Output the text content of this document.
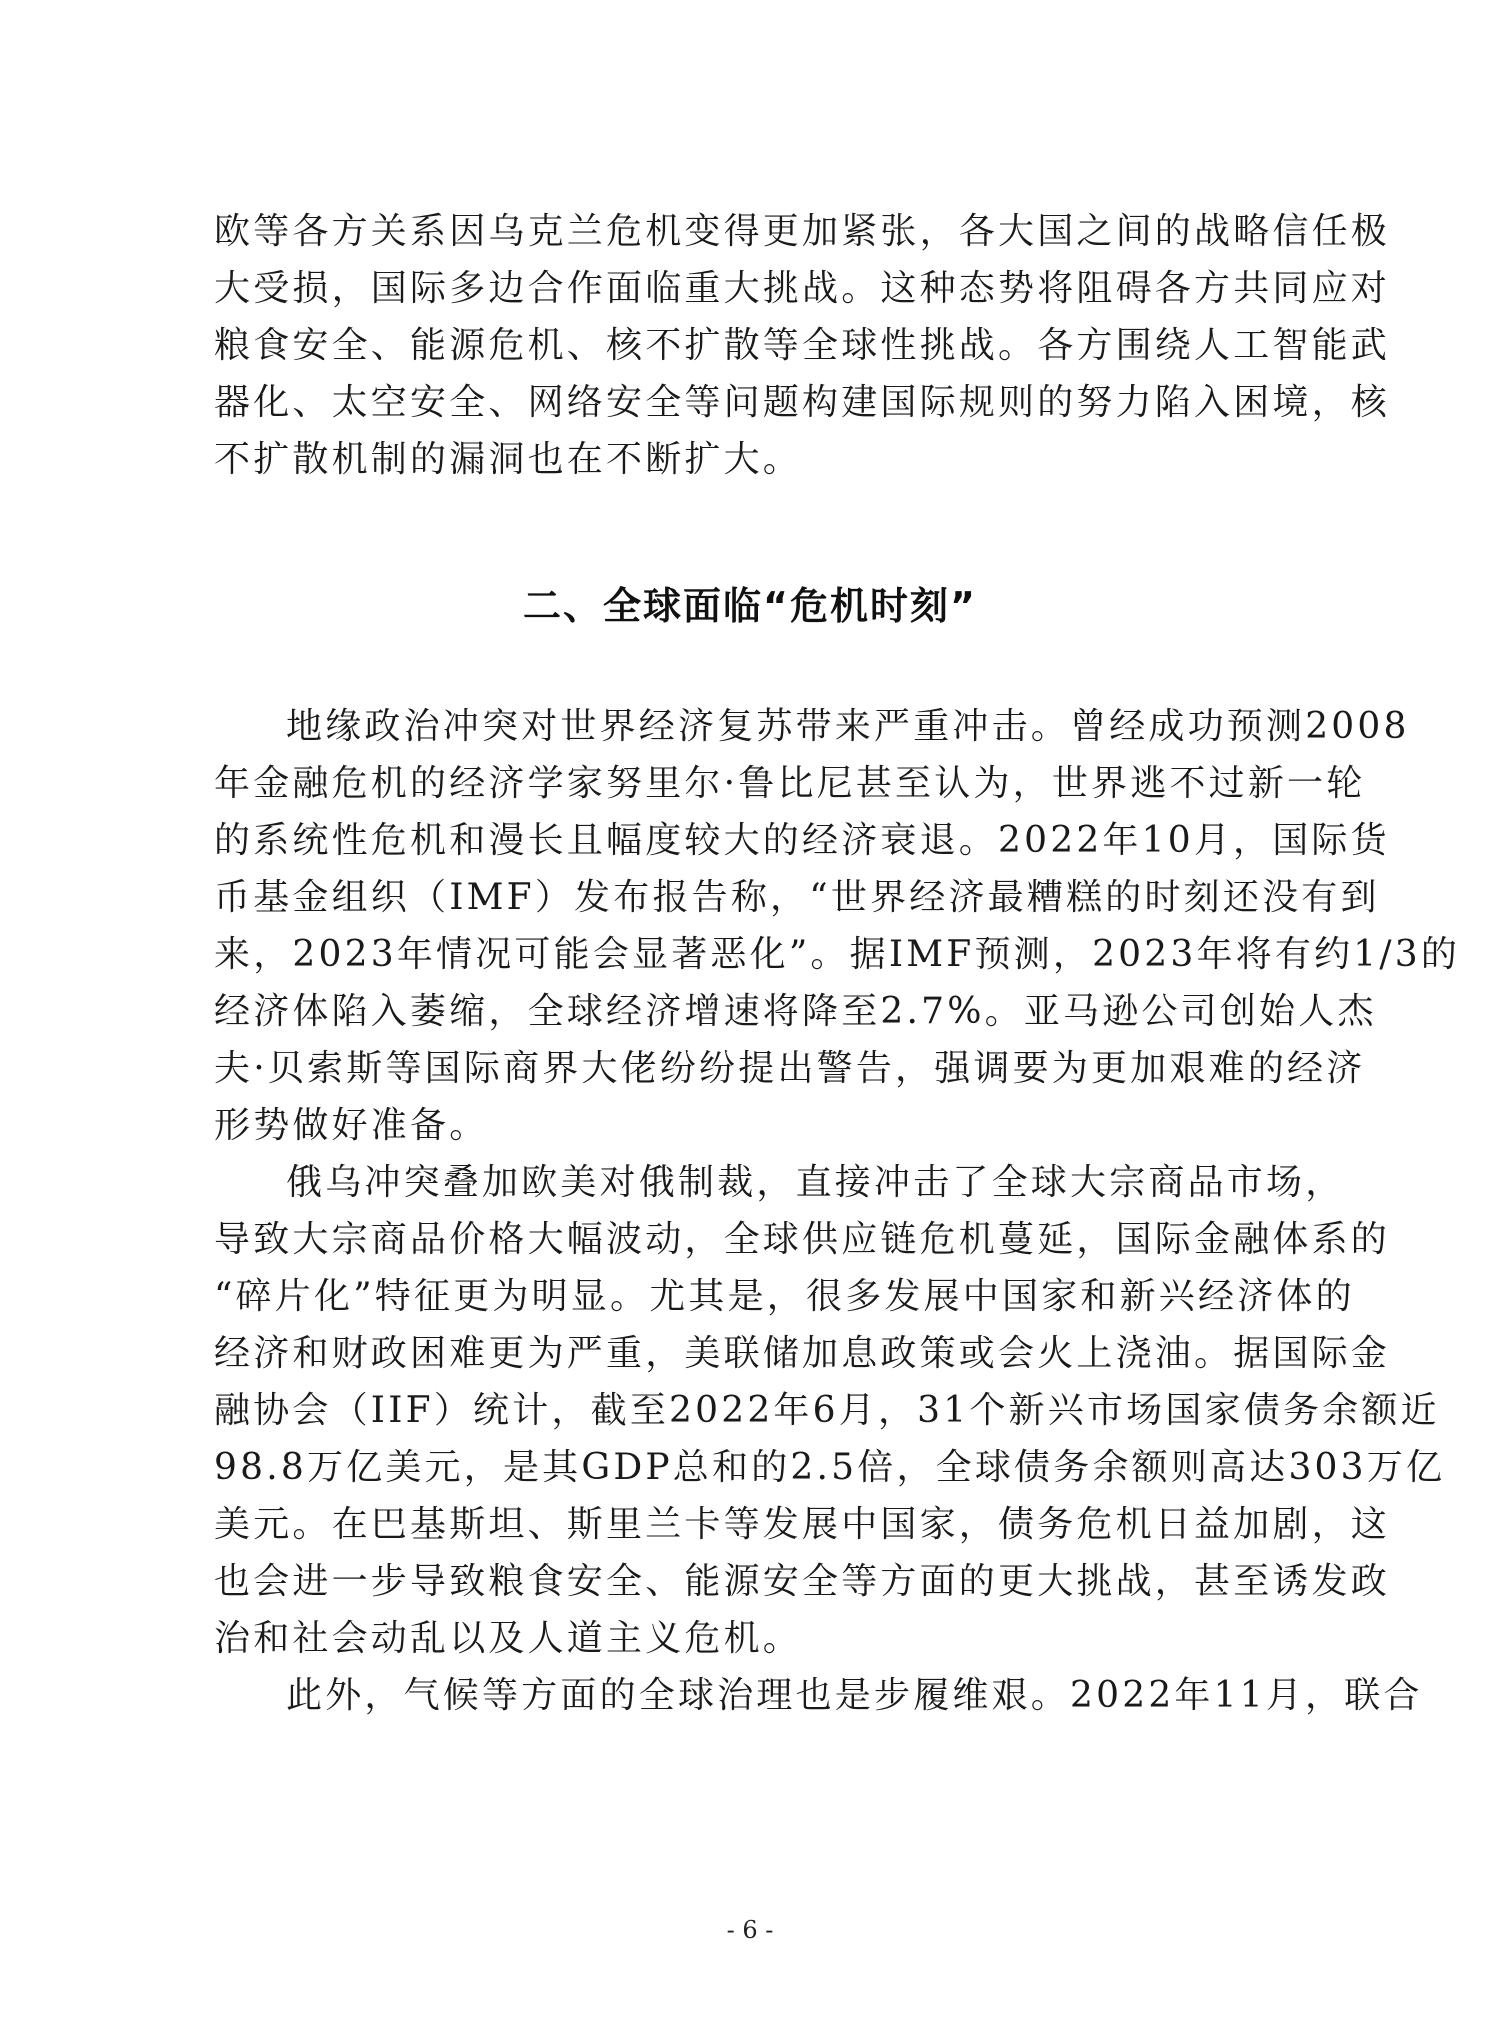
欧等各方关系因乌克兰危机变得更加紧张，各大国之间的战略信任极
大受损，国际多边合作面临重大挑战。这种态势将阻碍各方共同应对
粮食安全、能源危机、核不扩散等全球性挑战。各方围绕人工智能武
器化、太空安全、网络安全等问题构建国际规则的努力陷入困境，核
不扩散机制的漏洞也在不断扩大。
二、全球面临“危机时刻”
地缘政治冲突对世界经济复苏带来严重冲击。曾经成功预测2008
年金融危机的经济学家努里尔·鲁比尼甚至认为，世界逃不过新一轮
的系统性危机和漫长且幅度较大的经济衰退。2022年10月，国际货
币基金组织（IMF）发布报告称，“世界经济最糟糕的时刻还没有到
来，2023年情况可能会显著恶化”。据IMF预测，2023年将有约1/3的
经济体陷入萎缩，全球经济增速将降至2.7%。亚马逊公司创始人杰
夫·贝索斯等国际商界大佬纷纷提出警告，强调要为更加艰难的经济
形势做好准备。
俄乌冲突叠加欧美对俄制裁，直接冲击了全球大宗商品市场，
导致大宗商品价格大幅波动，全球供应链危机蔓延，国际金融体系的
“碎片化”特征更为明显。尤其是，很多发展中国家和新兴经济体的
经济和财政困难更为严重，美联储加息政策或会火上浇油。据国际金
融协会（IIF）统计，截至2022年6月，31个新兴市场国家债务余额近
98.8万亿美元，是其GDP总和的2.5倍，全球债务余额则高达303万亿
美元。在巴基斯坦、斯里兰卡等发展中国家，债务危机日益加剧，这
也会进一步导致粮食安全、能源安全等方面的更大挑战，甚至诱发政
治和社会动乱以及人道主义危机。
此外，气候等方面的全球治理也是步履维艰。2022年11月，联合
- 6 -
